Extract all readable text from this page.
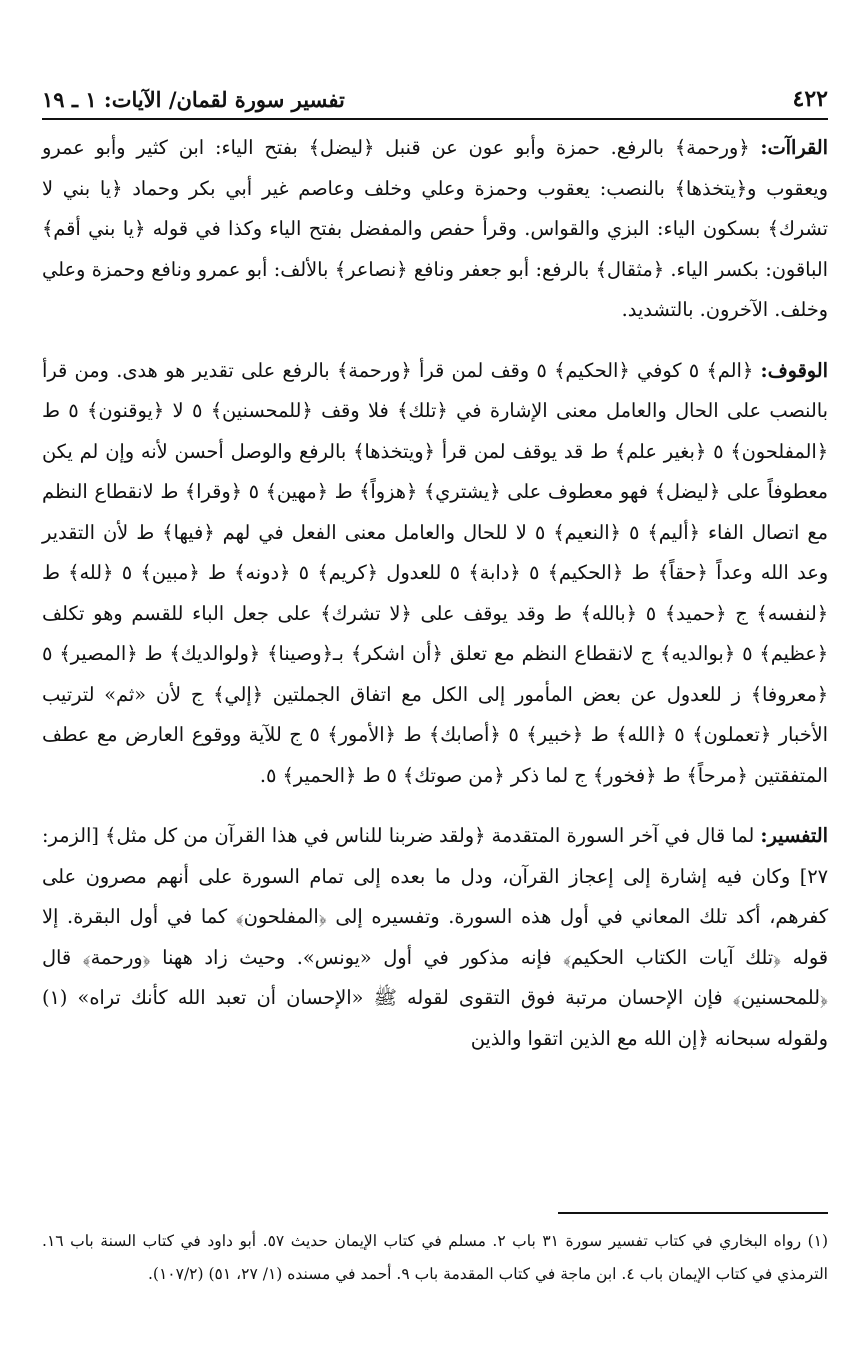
٤٢٢
تفسير سورة لقمان/ الآيات: ١ ـ ١٩

القراآت: ﴿ورحمة﴾ بالرفع. حمزة وأبو عون عن قنبل ﴿ليضل﴾ بفتح الياء: ابن كثير وأبو عمرو ويعقوب و﴿يتخذها﴾ بالنصب: يعقوب وحمزة وعلي وخلف وعاصم غير أبي بكر وحماد ﴿يا بني لا تشرك﴾ بسكون الياء: البزي والقواس. وقرأ حفص والمفضل بفتح الياء وكذا في قوله ﴿يا بني أقم﴾ الباقون: بكسر الياء. ﴿مثقال﴾ بالرفع: أبو جعفر ونافع ﴿نصاعر﴾ بالألف: أبو عمرو ونافع وحمزة وعلي وخلف. الآخرون. بالتشديد.

الوقوف: ﴿الم﴾ ٥ كوفي ﴿الحكيم﴾ ٥ وقف لمن قرأ ﴿ورحمة﴾ بالرفع على تقدير هو هدى. ومن قرأ بالنصب على الحال والعامل معنى الإشارة في ﴿تلك﴾ فلا وقف ﴿للمحسنين﴾ ٥ لا ﴿يوقنون﴾ ٥ ط ﴿المفلحون﴾ ٥ ﴿بغير علم﴾ ط قد يوقف لمن قرأ ﴿ويتخذها﴾ بالرفع والوصل أحسن لأنه وإن لم يكن معطوفاً على ﴿ليضل﴾ فهو معطوف على ﴿يشتري﴾ ﴿هزواً﴾ ط ﴿مهين﴾ ٥ ﴿وقرا﴾ ط لانقطاع النظم مع اتصال الفاء ﴿أليم﴾ ٥ ﴿النعيم﴾ ٥ لا للحال والعامل معنى الفعل في لهم ﴿فيها﴾ ط لأن التقدير وعد الله وعداً ﴿حقاً﴾ ط ﴿الحكيم﴾ ٥ ﴿دابة﴾ ٥ للعدول ﴿كريم﴾ ٥ ﴿دونه﴾ ط ﴿مبين﴾ ٥ ﴿لله﴾ ط ﴿لنفسه﴾ ج ﴿حميد﴾ ٥ ﴿بالله﴾ ط وقد يوقف على ﴿لا تشرك﴾ على جعل الباء للقسم وهو تكلف ﴿عظيم﴾ ٥ ﴿بوالديه﴾ ج لانقطاع النظم مع تعلق ﴿أن اشكر﴾ بـ﴿وصينا﴾ ﴿ولوالديك﴾ ط ﴿المصير﴾ ٥ ﴿معروفا﴾ ز للعدول عن بعض المأمور إلى الكل مع اتفاق الجملتين ﴿إلي﴾ ج لأن «ثم» لترتيب الأخبار ﴿تعملون﴾ ٥ ﴿الله﴾ ط ﴿خبير﴾ ٥ ﴿أصابك﴾ ط ﴿الأمور﴾ ٥ ج للآية ووقوع العارض مع عطف المتفقتين ﴿مرحاً﴾ ط ﴿فخور﴾ ج لما ذكر ﴿من صوتك﴾ ٥ ط ﴿الحمير﴾ ٥.

التفسير: لما قال في آخر السورة المتقدمة ﴿ولقد ضربنا للناس في هذا القرآن من كل مثل﴾ [الزمر: ٢٧] وكان فيه إشارة إلى إعجاز القرآن، ودل ما بعده إلى تمام السورة على أنهم مصرون على كفرهم، أكد تلك المعاني في أول هذه السورة. وتفسيره إلى ﴿المفلحون﴾ كما في أول البقرة. إلا قوله ﴿تلك آيات الكتاب الحكيم﴾ فإنه مذكور في أول «يونس». وحيث زاد ههنا ﴿ورحمة﴾ قال ﴿للمحسنين﴾ فإن الإحسان مرتبة فوق التقوى لقوله ﷺ «الإحسان أن تعبد الله كأنك تراه» (١) ولقوله سبحانه ﴿إن الله مع الذين اتقوا والذين

(١) رواه البخاري في كتاب تفسير سورة ٣١ باب ٢. مسلم في كتاب الإيمان حديث ٥٧. أبو داود في كتاب السنة باب ١٦. الترمذي في كتاب الإيمان باب ٤. ابن ماجة في كتاب المقدمة باب ٩. أحمد في مسنده (١/ ٢٧، ٥١) (١٠٧/٢).
